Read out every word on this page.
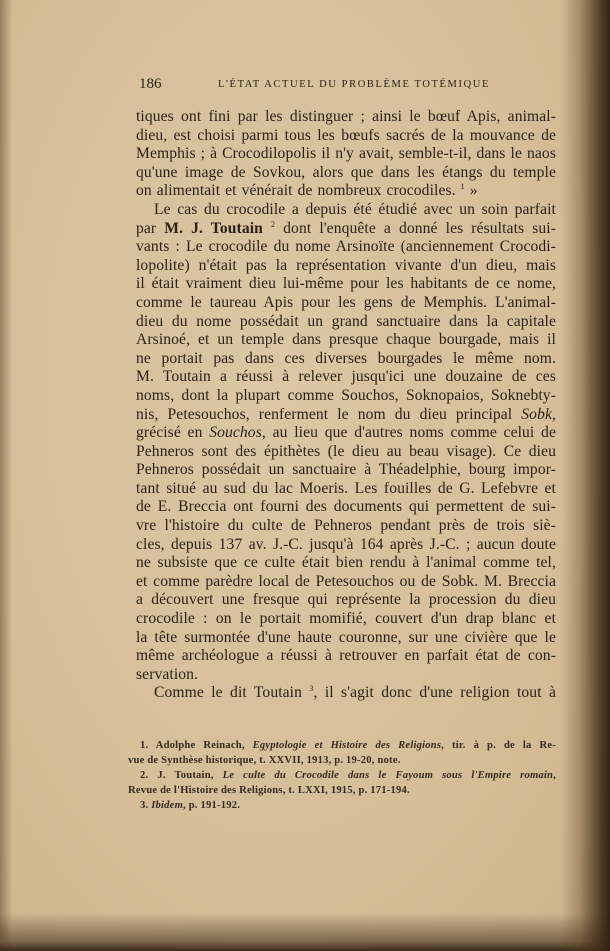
186	L'ÉTAT ACTUEL DU PROBLÈME TOTÉMIQUE
tiques ont fini par les distinguer ; ainsi le bœuf Apis, animal-
dieu, est choisi parmi tous les bœufs sacrés de la mouvance de
Memphis ; à Crocodilopolis il n'y avait, semble-t-il, dans le naos
qu'une image de Sovkou, alors que dans les étangs du temple
on alimentait et vénérait de nombreux crocodiles. $^1$ »
Le cas du crocodile a depuis été étudié avec un soin parfait
par M. J. Toutain $^2$ dont l'enquête a donné les résultats sui-
vants : Le crocodile du nome Arsinoïte (anciennement Crocodi-
lopolite) n'était pas la représentation vivante d'un dieu, mais
il était vraiment dieu lui-même pour les habitants de ce nome,
comme le taureau Apis pour les gens de Memphis. L'animal-
dieu du nome possédait un grand sanctuaire dans la capitale
Arsinoé, et un temple dans presque chaque bourgade, mais il
ne portait pas dans ces diverses bourgades le même nom.
M. Toutain a réussi à relever jusqu'ici une douzaine de ces
noms, dont la plupart comme Souchos, Soknopaios, Soknebty-
nis, Petesouchos, renferment le nom du dieu principal Sobk,
grécisé en Souchos, au lieu que d'autres noms comme celui de
Pehneros sont des épithètes (le dieu au beau visage). Ce dieu
Pehneros possédait un sanctuaire à Théadelphie, bourg impor-
tant situé au sud du lac Moeris. Les fouilles de G. Lefebvre et
de E. Breccia ont fourni des documents qui permettent de sui-
vre l'histoire du culte de Pehneros pendant près de trois siè-
cles, depuis 137 av. J.-C. jusqu'à 164 après J.-C. ; aucun doute
ne subsiste que ce culte était bien rendu à l'animal comme tel,
et comme parèdre local de Petesouchos ou de Sobk. M. Breccia
a découvert une fresque qui représente la procession du dieu
crocodile : on le portait momifié, couvert d'un drap blanc et
la tête surmontée d'une haute couronne, sur une civière que le
même archéologue a réussi à retrouver en parfait état de con-
servation.
Comme le dit Toutain $^3$, il s'agit donc d'une religion tout à
1. Adolphe Reinach, Egyptologie et Histoire des Religions, tir. à p. de la Re-
vue de Synthèse historique, t. XXVII, 1913, p. 19-20, note.
2. J. Toutain, Le culte du Crocodile dans le Fayoum sous l'Empire romain,
Revue de l'Histoire des Religions, t. LXXI, 1915, p. 171-194.
3. Ibidem, p. 191-192.
